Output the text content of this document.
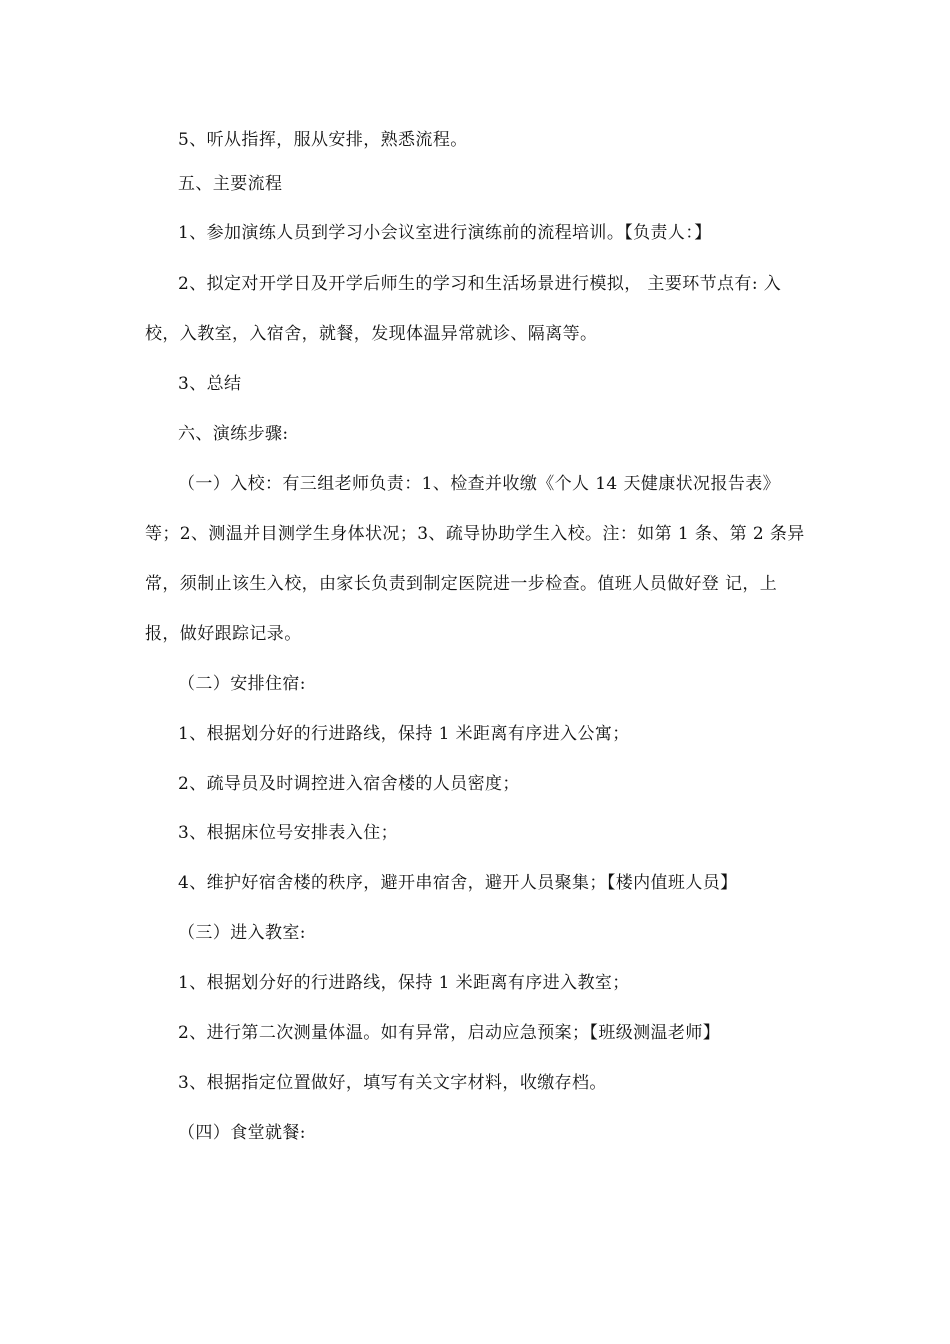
5、听从指挥，服从安排，熟悉流程。
五、主要流程
1、参加演练人员到学习小会议室进行演练前的流程培训。【负责人：】
2、拟定对开学日及开学后师生的学习和生活场景进行模拟， 主要环节点有: 入
校，入教室，入宿舍，就餐，发现体温异常就诊、隔离等。
3、总结
六、演练步骤:
（一）入校：有三组老师负责：1、检查并收缴《个人 14 天健康状况报告表》
等；2、测温并目测学生身体状况；3、疏导协助学生入校。注：如第 1 条、第 2 条异
常，须制止该生入校，由家长负责到制定医院进一步检查。值班人员做好登 记，上
报，做好跟踪记录。
（二）安排住宿:
1、根据划分好的行进路线，保持 1 米距离有序进入公寓；
2、疏导员及时调控进入宿舍楼的人员密度；
3、根据床位号安排表入住；
4、维护好宿舍楼的秩序，避开串宿舍，避开人员聚集；【楼内值班人员】
（三）进入教室:
1、根据划分好的行进路线，保持 1 米距离有序进入教室；
2、进行第二次测量体温。如有异常，启动应急预案；【班级测温老师】
3、根据指定位置做好，填写有关文字材料，收缴存档。
（四）食堂就餐:
